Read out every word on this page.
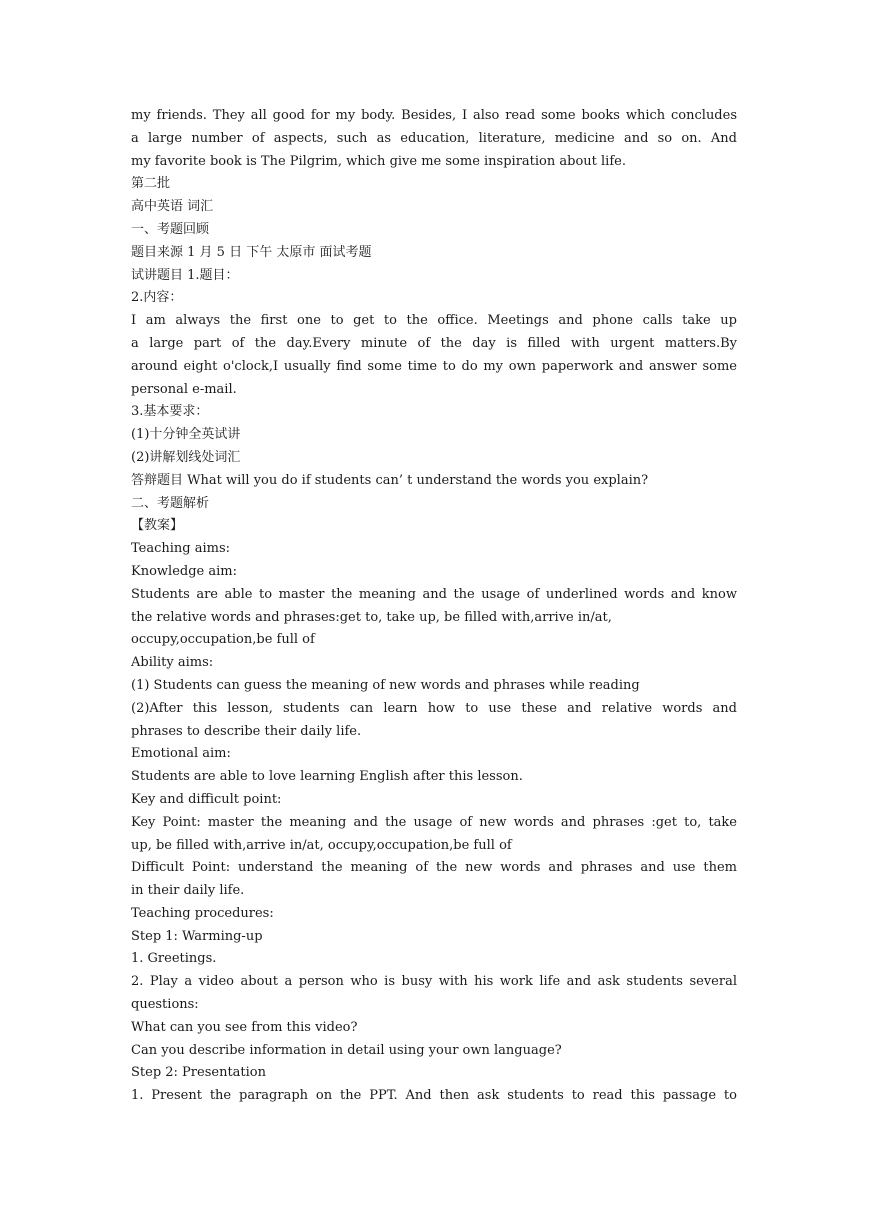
my friends. They all good for my body. Besides, I also read some books which concludes
a large number of aspects, such as education, literature, medicine and so on. And
my favorite book is The Pilgrim, which give me some inspiration about life.
第二批
高中英语 词汇
一、考题回顾
题目来源 1 月 5 日 下午 太原市 面试考题
试讲题目 1.题目：
2.内容：
I am always the first one to get to the office. Meetings and phone calls take up
a large part of the day.Every minute of the day is filled with urgent matters.By
around eight o'clock,I usually find some time to do my own paperwork and answer some
personal e-mail.
3.基本要求：
(1)十分钟全英试讲
(2)讲解划线处词汇
答辩题目 What will you do if students can’ t understand the words you explain?
二、考题解析
【教案】
Teaching aims:
Knowledge aim:
Students are able to master the meaning and the usage of underlined words and know
the relative words and phrases:get to, take up, be filled with,arrive in/at,
occupy,occupation,be full of
Ability aims:
(1) Students can guess the meaning of new words and phrases while reading
(2)After this lesson, students can learn how to use these and relative words and
phrases to describe their daily life.
Emotional aim:
Students are able to love learning English after this lesson.
Key and difficult point:
Key Point: master the meaning and the usage of new words and phrases :get to, take
up, be filled with,arrive in/at, occupy,occupation,be full of
Difficult Point: understand the meaning of the new words and phrases and use them
in their daily life.
Teaching procedures:
Step 1: Warming-up
1. Greetings.
2. Play a video about a person who is busy with his work life and ask students several
questions:
What can you see from this video?
Can you describe information in detail using your own language?
Step 2: Presentation
1. Present the paragraph on the PPT. And then ask students to read this passage to
